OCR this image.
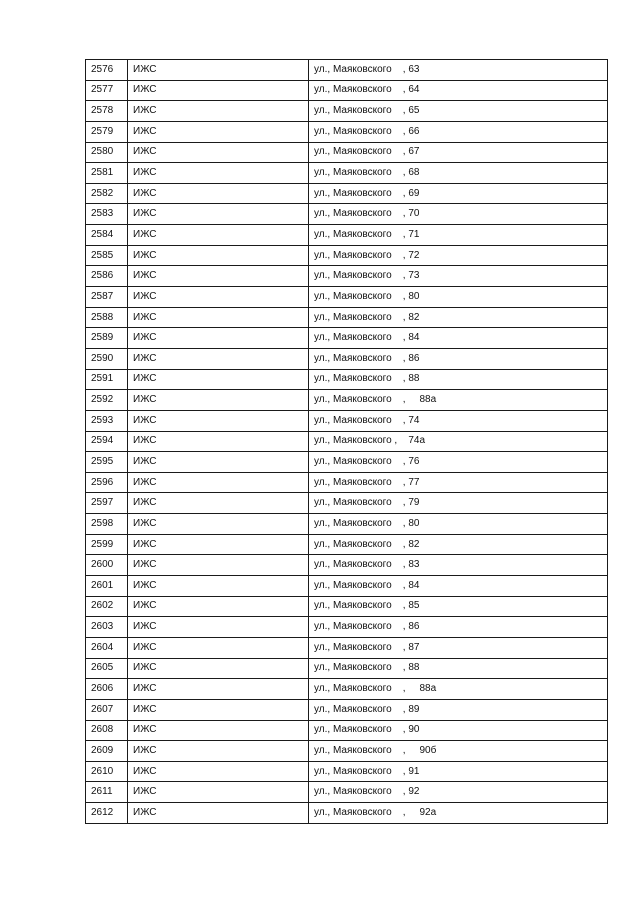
2576	ИЖС	ул., Маяковского    , 63
2577	ИЖС	ул., Маяковского    , 64
2578	ИЖС	ул., Маяковского    , 65
2579	ИЖС	ул., Маяковского    , 66
2580	ИЖС	ул., Маяковского    , 67
2581	ИЖС	ул., Маяковского    , 68
2582	ИЖС	ул., Маяковского    , 69
2583	ИЖС	ул., Маяковского    , 70
2584	ИЖС	ул., Маяковского    , 71
2585	ИЖС	ул., Маяковского    , 72
2586	ИЖС	ул., Маяковского    , 73
2587	ИЖС	ул., Маяковского    , 80
2588	ИЖС	ул., Маяковского    , 82
2589	ИЖС	ул., Маяковского    , 84
2590	ИЖС	ул., Маяковского    , 86
2591	ИЖС	ул., Маяковского    , 88
2592	ИЖС	ул., Маяковского    ,     88а
2593	ИЖС	ул., Маяковского    , 74
2594	ИЖС	ул., Маяковского ,    74а
2595	ИЖС	ул., Маяковского    , 76
2596	ИЖС	ул., Маяковского    , 77
2597	ИЖС	ул., Маяковского    , 79
2598	ИЖС	ул., Маяковского    , 80
2599	ИЖС	ул., Маяковского    , 82
2600	ИЖС	ул., Маяковского    , 83
2601	ИЖС	ул., Маяковского    , 84
2602	ИЖС	ул., Маяковского    , 85
2603	ИЖС	ул., Маяковского    , 86
2604	ИЖС	ул., Маяковского    , 87
2605	ИЖС	ул., Маяковского    , 88
2606	ИЖС	ул., Маяковского    ,     88а
2607	ИЖС	ул., Маяковского    , 89
2608	ИЖС	ул., Маяковского    , 90
2609	ИЖС	ул., Маяковского    ,     90б
2610	ИЖС	ул., Маяковского    , 91
2611	ИЖС	ул., Маяковского    , 92
2612	ИЖС	ул., Маяковского    ,     92а
